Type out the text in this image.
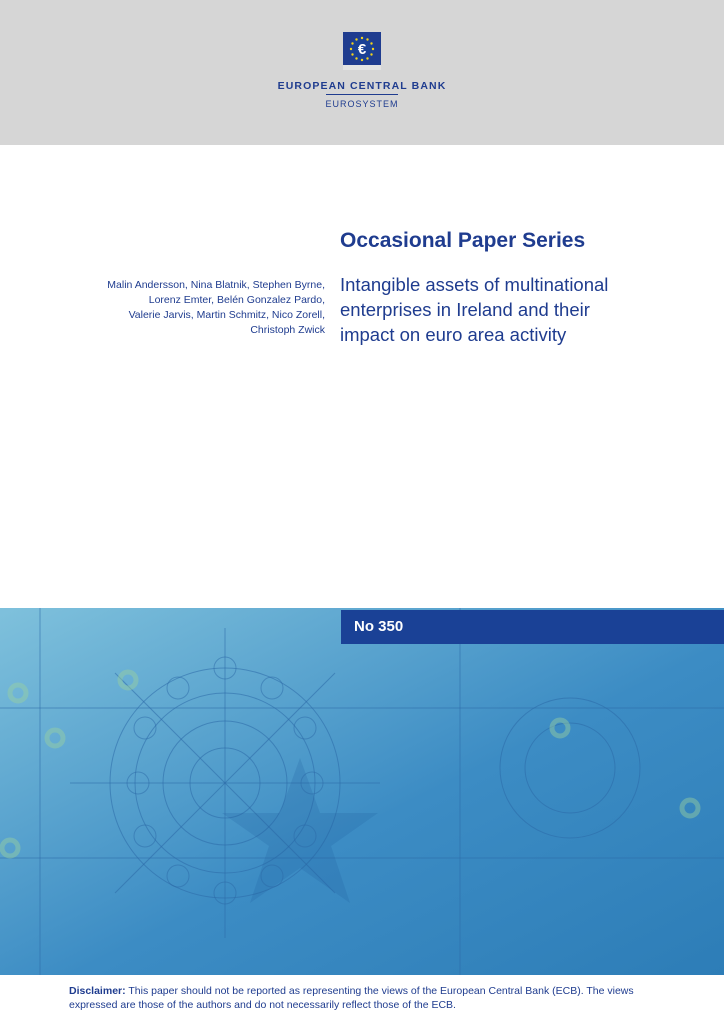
€
EUROPEAN CENTRAL BANK
EUROSYSTEM
Occasional Paper Series
Malin Andersson, Nina Blatnik, Stephen Byrne,
Lorenz Emter, Belén Gonzalez Pardo,
Valerie Jarvis, Martin Schmitz, Nico Zorell,
Christoph Zwick
Intangible assets of multinational
enterprises in Ireland and their
impact on euro area activity
No 350
Disclaimer: This paper should not be reported as representing the views of the European Central Bank (ECB). The views expressed are those of the authors and do not necessarily reflect those of the ECB.
